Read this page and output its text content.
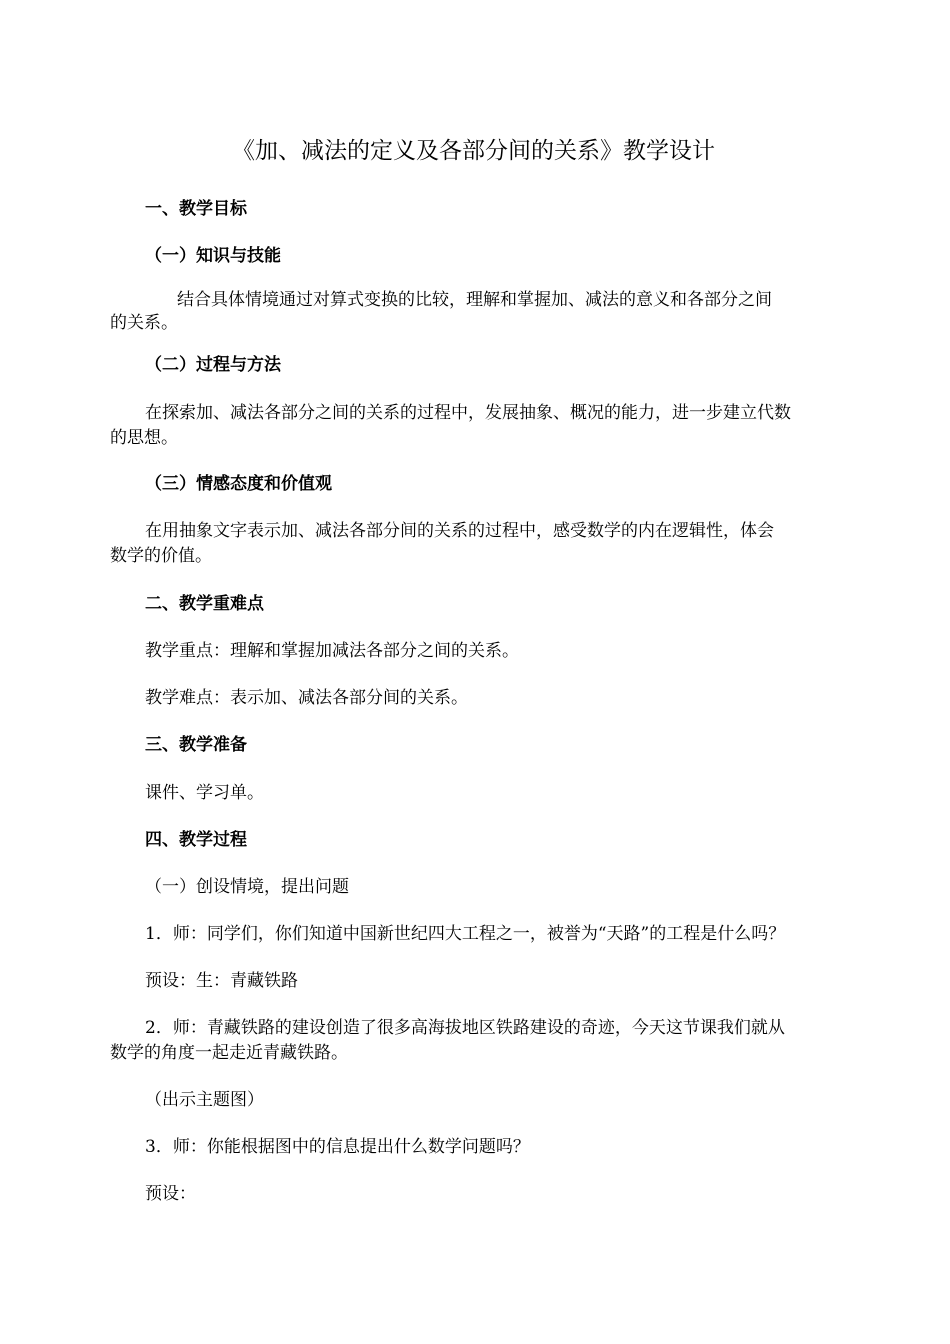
《加、减法的定义及各部分间的关系》教学设计
一、教学目标
（一）知识与技能
结合具体情境通过对算式变换的比较，理解和掌握加、减法的意义和各部分之间
的关系。
（二）过程与方法
在探索加、减法各部分之间的关系的过程中，发展抽象、概况的能力，进一步建立代数
的思想。
（三）情感态度和价值观
在用抽象文字表示加、减法各部分间的关系的过程中，感受数学的内在逻辑性，体会
数学的价值。
二、教学重难点
教学重点：理解和掌握加减法各部分之间的关系。
教学难点：表示加、减法各部分间的关系。
三、教学准备
课件、学习单。
四、教学过程
（一）创设情境，提出问题
1．师：同学们，你们知道中国新世纪四大工程之一，被誉为“天路”的工程是什么吗？
预设：生：青藏铁路
2．师：青藏铁路的建设创造了很多高海拔地区铁路建设的奇迹，今天这节课我们就从
数学的角度一起走近青藏铁路。
（出示主题图）
3．师：你能根据图中的信息提出什么数学问题吗？
预设：
